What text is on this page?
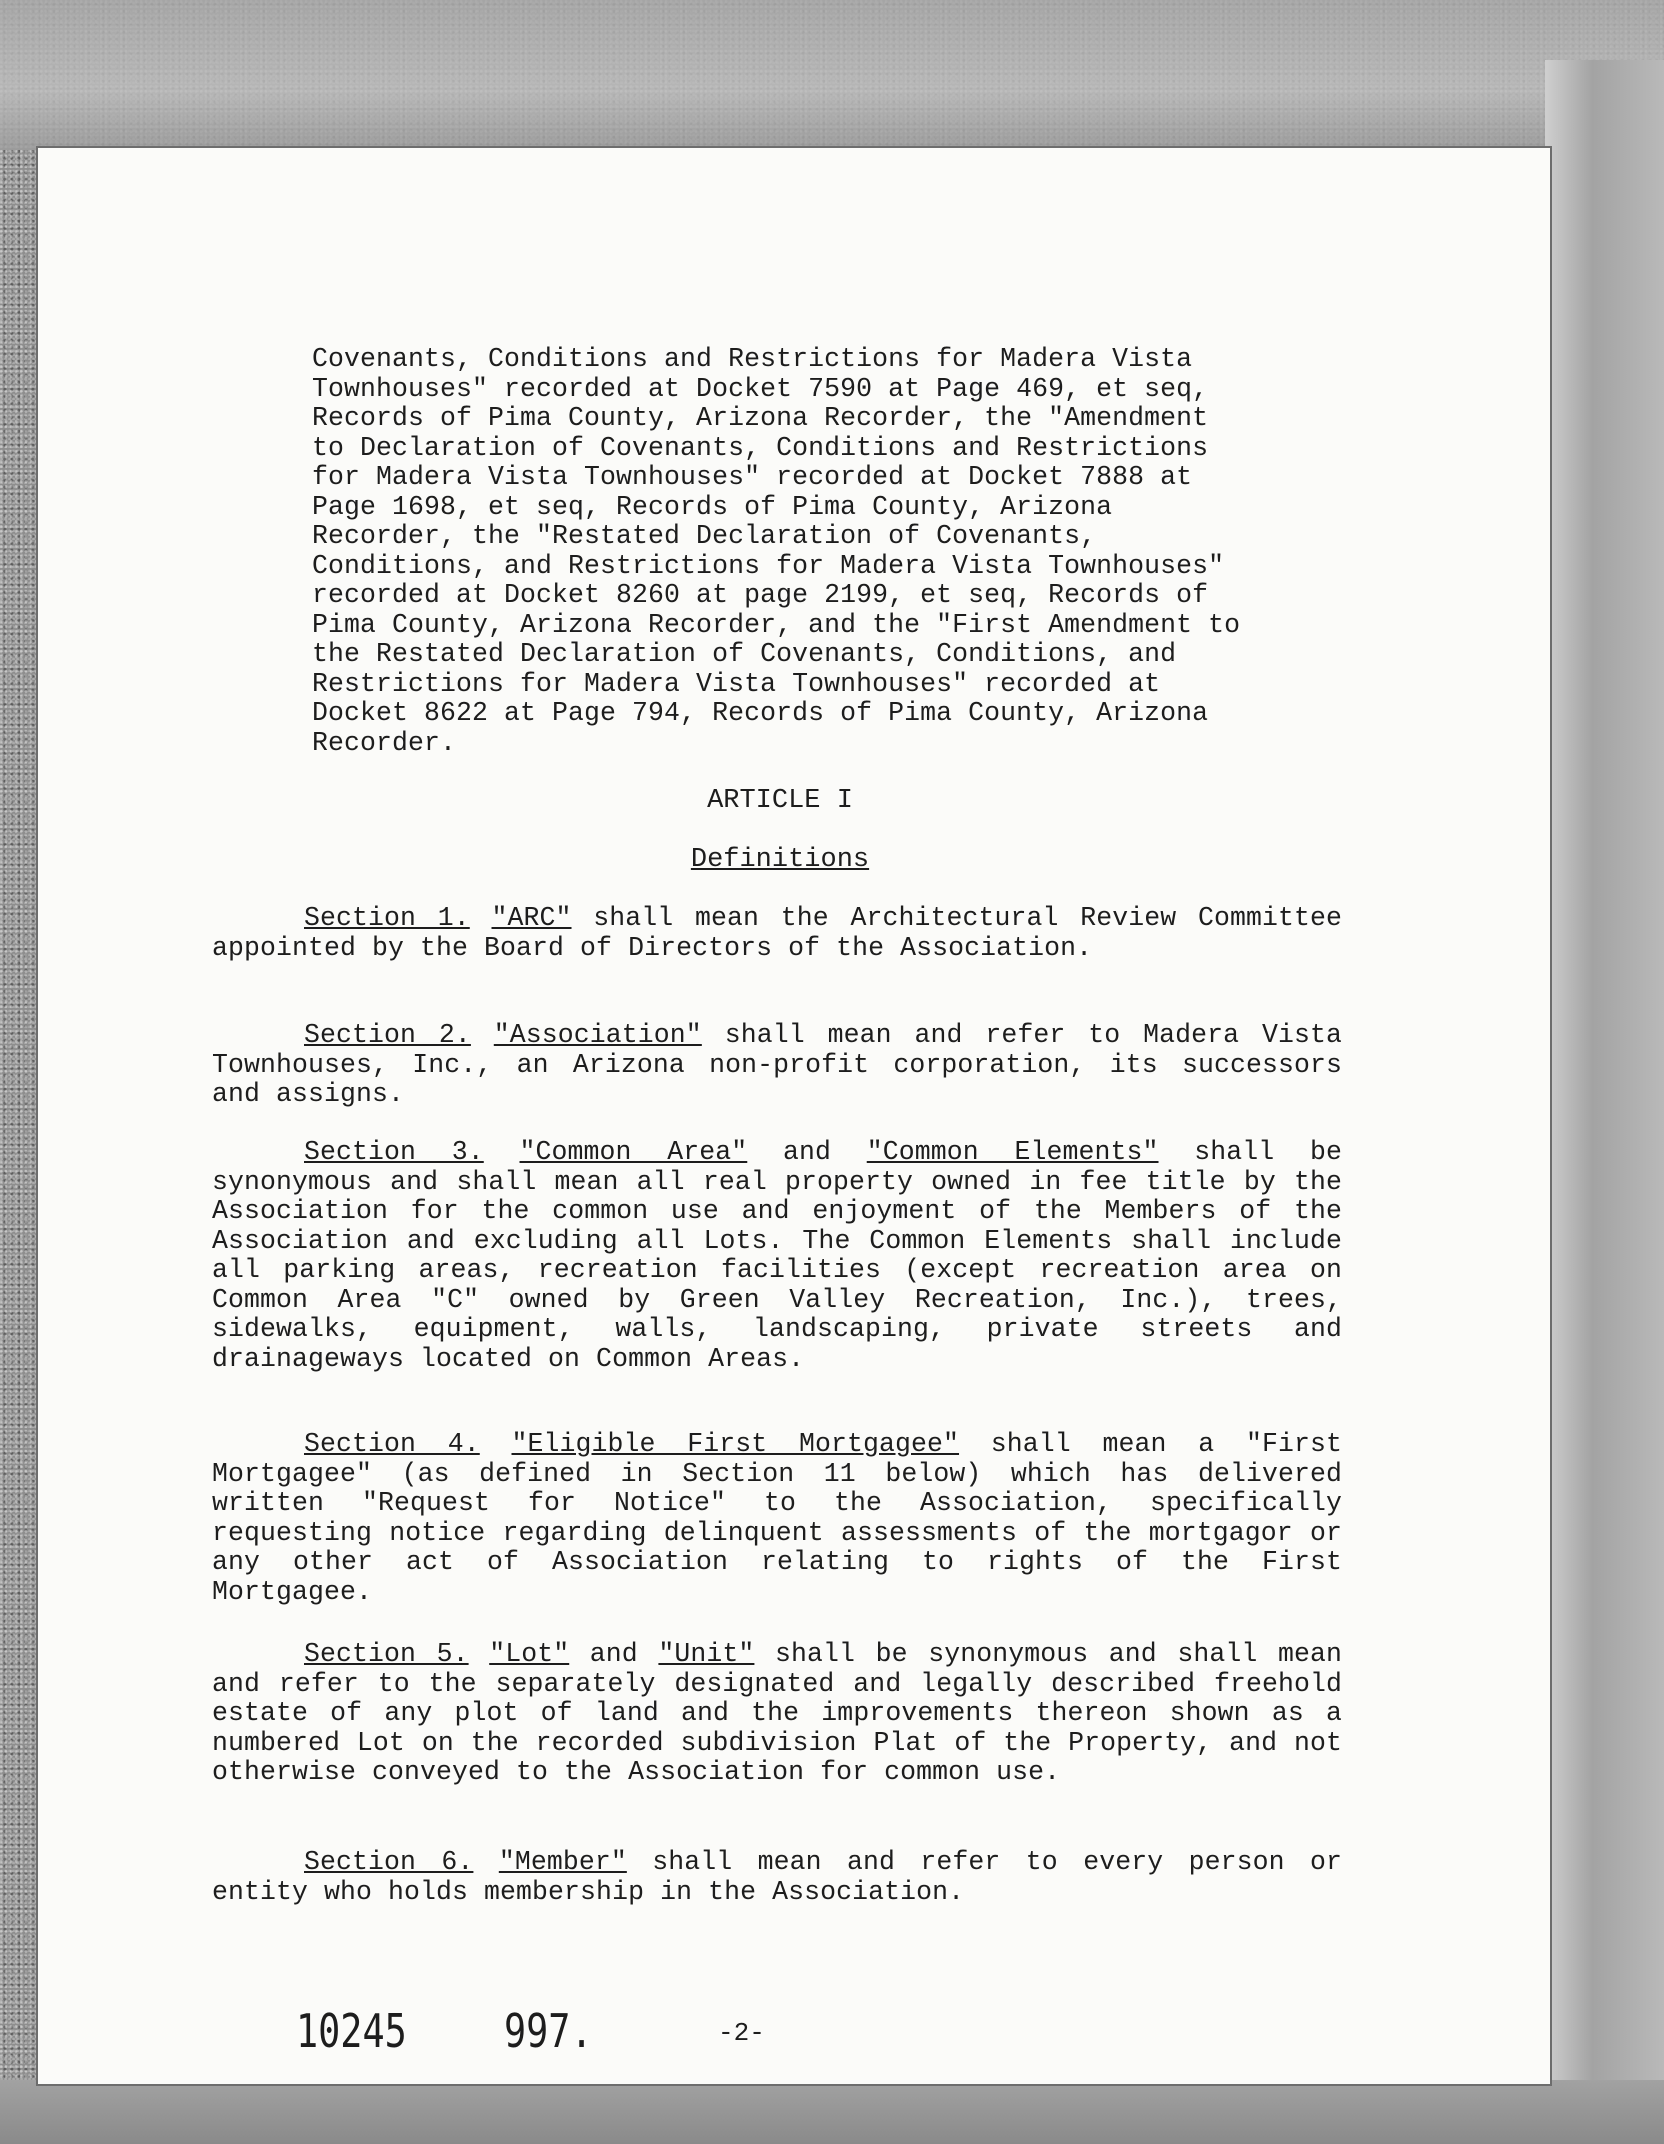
Covenants, Conditions and Restrictions for Madera Vista
Townhouses" recorded at Docket 7590 at Page 469, et seq,
Records of Pima County, Arizona Recorder, the "Amendment
to Declaration of Covenants, Conditions and Restrictions
for Madera Vista Townhouses" recorded at Docket 7888 at
Page 1698, et seq, Records of Pima County, Arizona
Recorder, the "Restated Declaration of Covenants,
Conditions, and Restrictions for Madera Vista Townhouses"
recorded at Docket 8260 at page 2199, et seq, Records of
Pima County, Arizona Recorder, and the "First Amendment to
the Restated Declaration of Covenants, Conditions, and
Restrictions for Madera Vista Townhouses" recorded at
Docket 8622 at Page 794, Records of Pima County, Arizona
Recorder.

ARTICLE I

Definitions

Section 1. "ARC" shall mean the Architectural Review Committee appointed by the Board of Directors of the Association.

Section 2. "Association" shall mean and refer to Madera Vista Townhouses, Inc., an Arizona non-profit corporation, its successors and assigns.

Section 3. "Common Area" and "Common Elements" shall be synonymous and shall mean all real property owned in fee title by the Association for the common use and enjoyment of the Members of the Association and excluding all Lots. The Common Elements shall include all parking areas, recreation facilities (except recreation area on Common Area "C" owned by Green Valley Recreation, Inc.), trees, sidewalks, equipment, walls, landscaping, private streets and drainageways located on Common Areas.

Section 4. "Eligible First Mortgagee" shall mean a "First Mortgagee" (as defined in Section 11 below) which has delivered written "Request for Notice" to the Association, specifically requesting notice regarding delinquent assessments of the mortgagor or any other act of Association relating to rights of the First Mortgagee.

Section 5. "Lot" and "Unit" shall be synonymous and shall mean and refer to the separately designated and legally described freehold estate of any plot of land and the improvements thereon shown as a numbered Lot on the recorded subdivision Plat of the Property, and not otherwise conveyed to the Association for common use.

Section 6. "Member" shall mean and refer to every person or entity who holds membership in the Association.

10245 997.	-2-
